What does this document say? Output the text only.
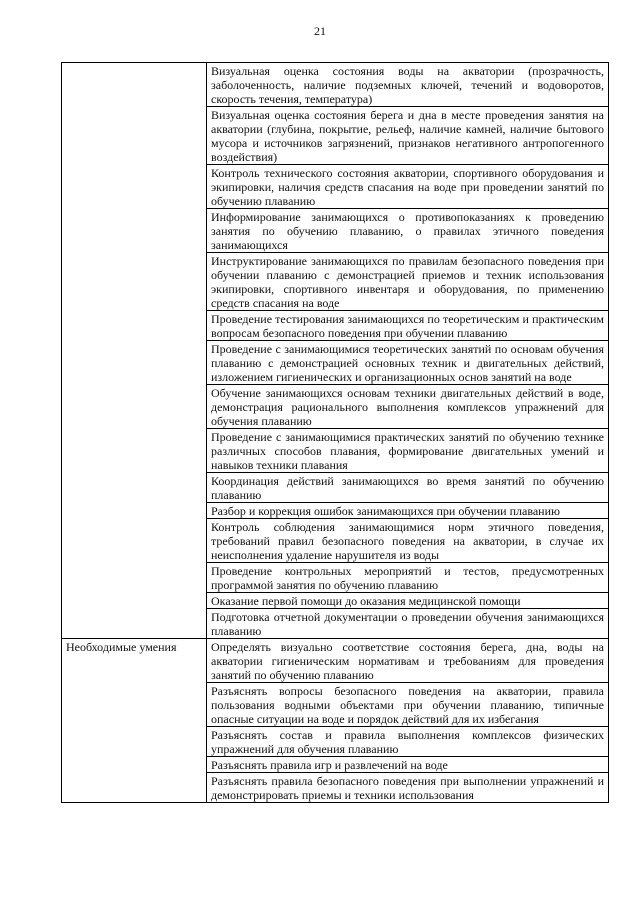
21
	Визуальная оценка состояния воды на акватории (прозрачность, заболоченность, наличие подземных ключей, течений и водоворотов, скорость течения, температура)
	Визуальная оценка состояния берега и дна в месте проведения занятия на акватории (глубина, покрытие, рельеф, наличие камней, наличие бытового мусора и источников загрязнений, признаков негативного антропогенного воздействия)
	Контроль технического состояния акватории, спортивного оборудования и экипировки, наличия средств спасания на воде при проведении занятий по обучению плаванию
	Информирование занимающихся о противопоказаниях к проведению занятия по обучению плаванию, о правилах этичного поведения занимающихся
	Инструктирование занимающихся по правилам безопасного поведения при обучении плаванию с демонстрацией приемов и техник использования экипировки, спортивного инвентаря и оборудования, по применению средств спасания на воде
	Проведение тестирования занимающихся по теоретическим и практическим вопросам безопасного поведения при обучении плаванию
	Проведение с занимающимися теоретических занятий по основам обучения плаванию с демонстрацией основных техник и двигательных действий, изложением гигиенических и организационных основ занятий на воде
	Обучение занимающихся основам техники двигательных действий в воде, демонстрация рационального выполнения комплексов упражнений для обучения плаванию
	Проведение с занимающимися практических занятий по обучению технике различных способов плавания, формирование двигательных умений и навыков техники плавания
	Координация действий занимающихся во время занятий по обучению плаванию
	Разбор и коррекция ошибок занимающихся при обучении плаванию
	Контроль соблюдения занимающимися норм этичного поведения, требований правил безопасного поведения на акватории, в случае их неисполнения удаление нарушителя из воды
	Проведение контрольных мероприятий и тестов, предусмотренных программой занятия по обучению плаванию
	Оказание первой помощи до оказания медицинской помощи
	Подготовка отчетной документации о проведении обучения занимающихся плаванию
Необходимые умения	Определять визуально соответствие состояния берега, дна, воды на акватории гигиеническим нормативам и требованиям для проведения занятий по обучению плаванию
	Разъяснять вопросы безопасного поведения на акватории, правила пользования водными объектами при обучении плаванию, типичные опасные ситуации на воде и порядок действий для их избегания
	Разъяснять состав и правила выполнения комплексов физических упражнений для обучения плаванию
	Разъяснять правила игр и развлечений на воде
	Разъяснять правила безопасного поведения при выполнении упражнений и демонстрировать приемы и техники использования
